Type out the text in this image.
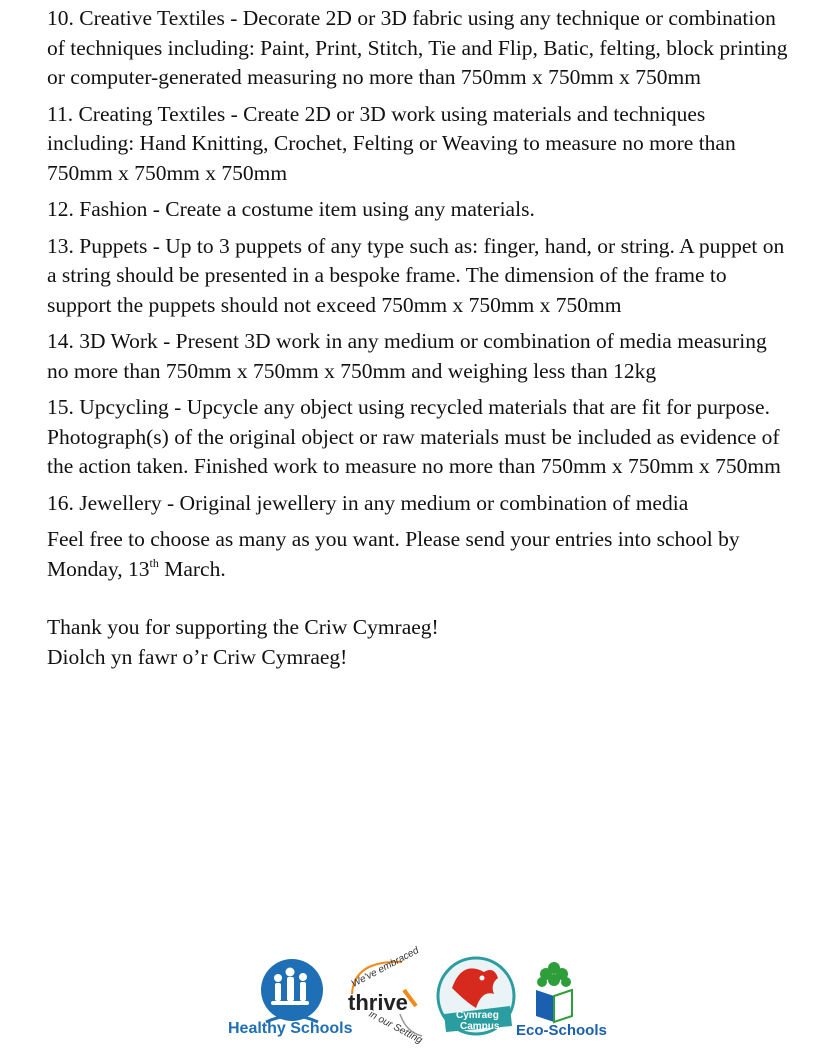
10. Creative Textiles - Decorate 2D or 3D fabric using any technique or combination of techniques including: Paint, Print, Stitch, Tie and Flip, Batic, felting, block printing or computer-generated measuring no more than 750mm x 750mm x 750mm

11. Creating Textiles - Create 2D or 3D work using materials and techniques including: Hand Knitting, Crochet, Felting or Weaving to measure no more than 750mm x 750mm x 750mm

12. Fashion - Create a costume item using any materials.

13. Puppets - Up to 3 puppets of any type such as: finger, hand, or string. A puppet on a string should be presented in a bespoke frame. The dimension of the frame to support the puppets should not exceed 750mm x 750mm x 750mm

14. 3D Work - Present 3D work in any medium or combination of media measuring no more than 750mm x 750mm x 750mm and weighing less than 12kg

15. Upcycling - Upcycle any object using recycled materials that are fit for purpose. Photograph(s) of the original object or raw materials must be included as evidence of the action taken. Finished work to measure no more than 750mm x 750mm x 750mm

16. Jewellery - Original jewellery in any medium or combination of media

Feel free to choose as many as you want. Please send your entries into school by Monday, 13th March.

Thank you for supporting the Criw Cymraeg!

Diolch yn fawr o’r Criw Cymraeg!

Healthy Schools
We've embraced
thrive
in our Setting	Cymraeg
Campus Eco-Schools
